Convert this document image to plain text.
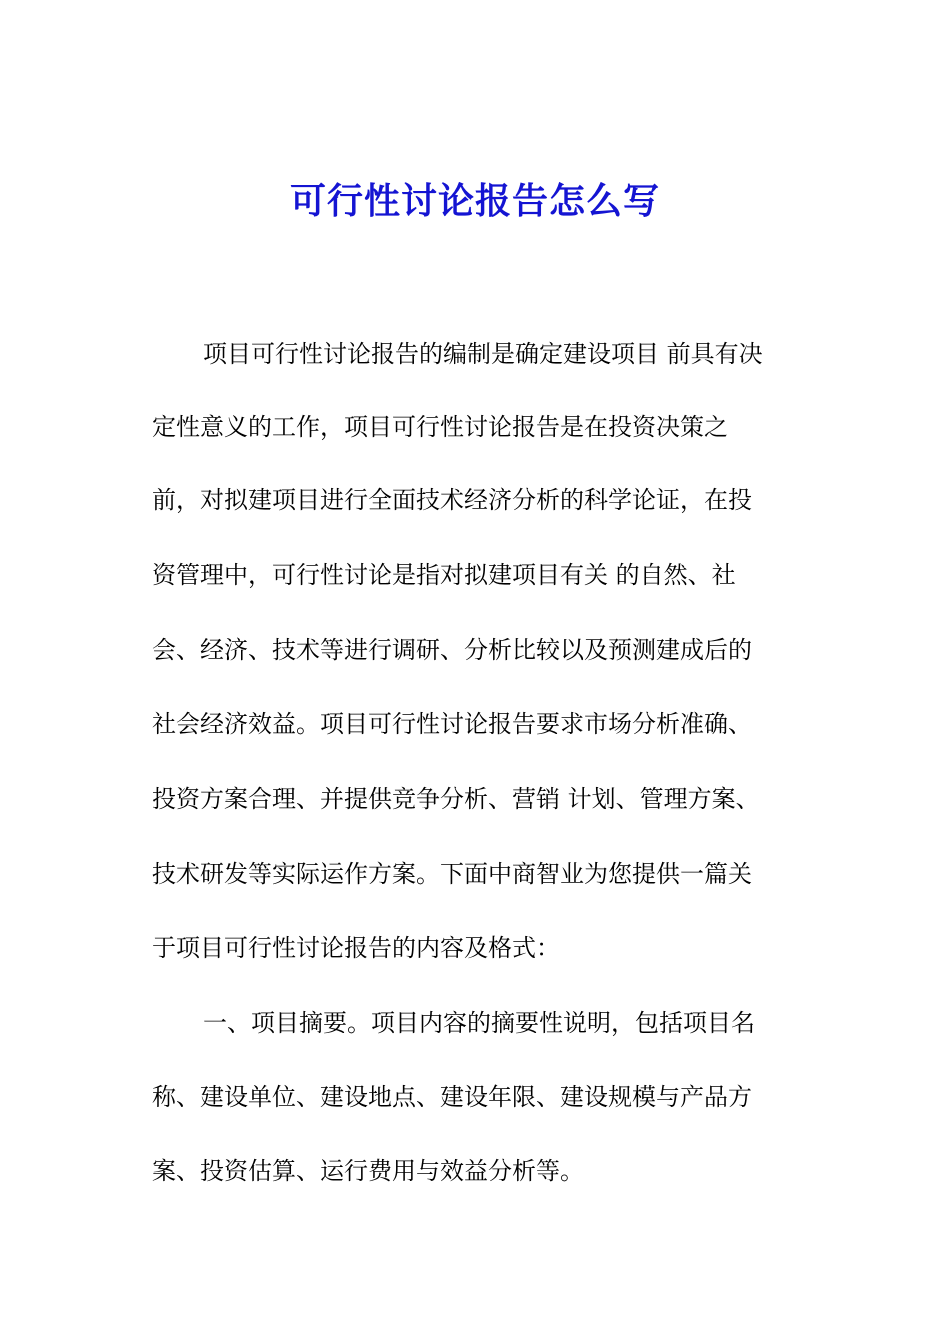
可行性讨论报告怎么写

项目可行性讨论报告的编制是确定建设项目 前具有决

定性意义的工作，项目可行性讨论报告是在投资决策之

前，对拟建项目进行全面技术经济分析的科学论证，在投

资管理中，可行性讨论是指对拟建项目有关 的自然、社

会、经济、技术等进行调研、分析比较以及预测建成后的

社会经济效益。项目可行性讨论报告要求市场分析准确、

投资方案合理、并提供竞争分析、营销 计划、管理方案、

技术研发等实际运作方案。下面中商智业为您提供一篇关

于项目可行性讨论报告的内容及格式：

一、项目摘要。项目内容的摘要性说明，包括项目名

称、建设单位、建设地点、建设年限、建设规模与产品方

案、投资估算、运行费用与效益分析等。
